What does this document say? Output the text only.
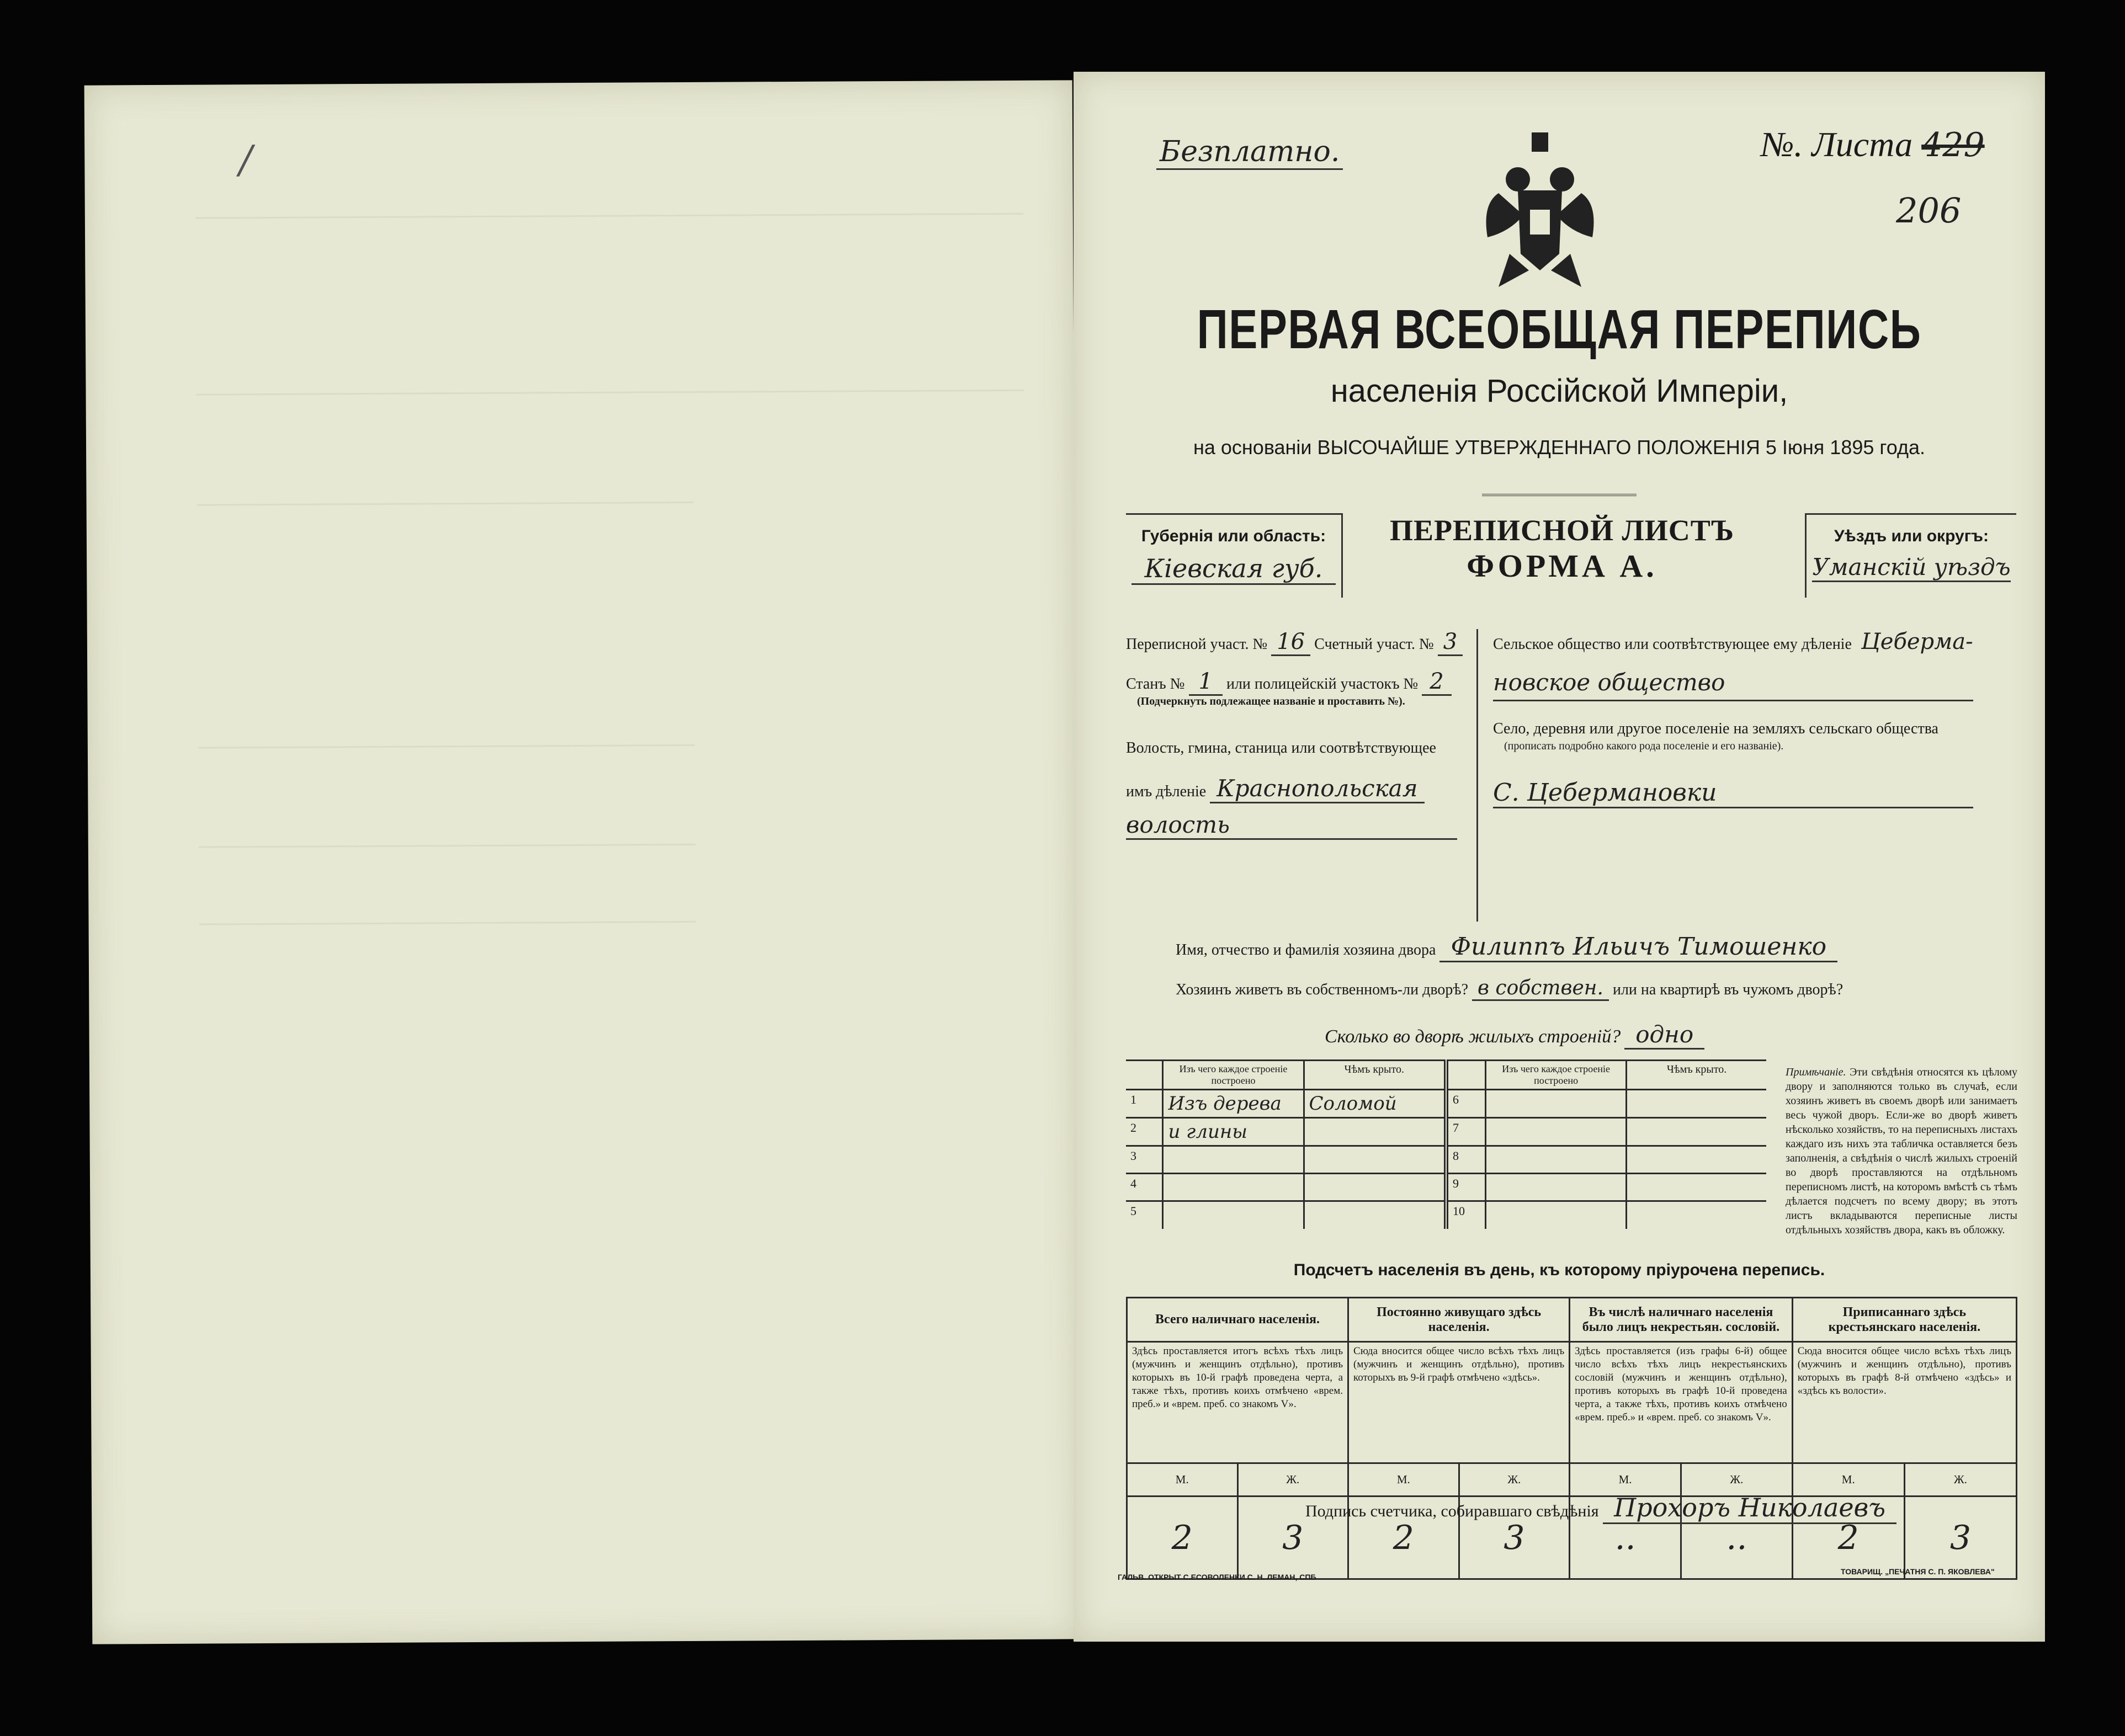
/	Безплатно.	№. Листа 429
206
ПЕРВАЯ ВСЕОБЩАЯ ПЕРЕПИСЬ
населенія Россійской Имперіи,
на основаніи ВЫСОЧАЙШЕ УТВЕРЖДЕННАГО ПОЛОЖЕНІЯ 5 Іюня 1895 года.
Губернія или область:
Кіевская губ.
ПЕРЕПИСНОЙ ЛИСТЪ
ФОРМА А.
Уѣздъ или округъ:
Уманскій уѣздъ
Переписной участ. № 16 Счетный участ. № 3
Станъ № 1 или полицейскій участокъ № 2
(Подчеркнуть подлежащее названіе и проставить №).
Волость, гмина, станица или соотвѣтствующее
имъ дѣленіе Краснопольская
волость
Сельское общество или соотвѣтствующее ему дѣленіе Цебермa-
новское общество
Село, деревня или другое поселеніе на земляхъ сельскаго общества
(прописать подробно какого рода поселеніе и его названіе).
С. Цебермановки
Имя, отчество и фамилія хозяина двора Филиппъ Ильичъ Тимошенко
Хозяинъ живетъ въ собственномъ-ли дворѣ? в собствен. или на квартирѣ въ чужомъ дворѣ?
Сколько во дворѣ жилыхъ строеній? одно
	Изъ чего каждое строеніе построено	Чѣмъ крыто.		Изъ чего каждое строеніе построено	Чѣмъ крыто.
1	Изъ дерева	Соломой	6		
2	и глины		7		
3			8		
4			9		
5			10		
Примѣчаніе. Эти свѣдѣнія относятся къ цѣлому двору и заполняются только въ случаѣ, если хозяинъ живетъ въ своемъ дворѣ или занимаетъ весь чужой дворъ. Если-же во дворѣ живетъ нѣсколько хозяйствъ, то на переписныхъ листахъ каждаго изъ нихъ эта табличка оставляется безъ заполненія, а свѣдѣнія о числѣ жилыхъ строеній во дворѣ проставляются на отдѣльномъ переписномъ листѣ, на которомъ вмѣстѣ съ тѣмъ дѣлается подсчетъ по всему двору; въ этотъ листъ вкладываются переписные листы отдѣльныхъ хозяйствъ двора, какъ въ обложку.
Подсчетъ населенія въ день, къ которому пріурочена перепись.
Всего наличнаго населенія.		Постоянно живущаго здѣсь населенія.		Въ числѣ наличнаго населенія было лицъ некрестьян. сословій.		Приписаннаго здѣсь крестьянскаго населенія.	
Здѣсь проставляется итогъ всѣхъ тѣхъ лицъ (мужчинъ и женщинъ отдѣльно), противъ которыхъ въ 10-й графѣ проведена черта, а также тѣхъ, противъ коихъ отмѣчено «врем. преб.» и «врем. преб. со знакомъ V».		Сюда вносится общее число всѣхъ тѣхъ лицъ (мужчинъ и женщинъ отдѣльно), противъ которыхъ въ 9-й графѣ отмѣчено «здѣсь».		Здѣсь проставляется (изъ графы 6-й) общее число всѣхъ тѣхъ лицъ некрестьянскихъ сословій (мужчинъ и женщинъ отдѣльно), противъ которыхъ въ графѣ 10-й проведена черта, а также тѣхъ, противъ коихъ отмѣчено «врем. преб.» и «врем. преб. со знакомъ V».		Сюда вносится общее число всѣхъ тѣхъ лицъ (мужчинъ и женщинъ отдѣльно), противъ которыхъ въ графѣ 8-й отмѣчено «здѣсь» и «здѣсь къ волости».	
М.	Ж.	М.	Ж.	М.	Ж.	М.	Ж.
2	3	2	3	..	..	2	3
Подпись счетчика, собиравшаго свѣдѣнія Прохоръ Николаевъ
ГАЛЬВ. ОТКРЫТ С.ЕСОВОЛЕНКИ С. Н. ЛЕМАН, СПБ
ТОВАРИЩ. „ПЕЧАТНЯ С. П. ЯКОВЛЕВА"
